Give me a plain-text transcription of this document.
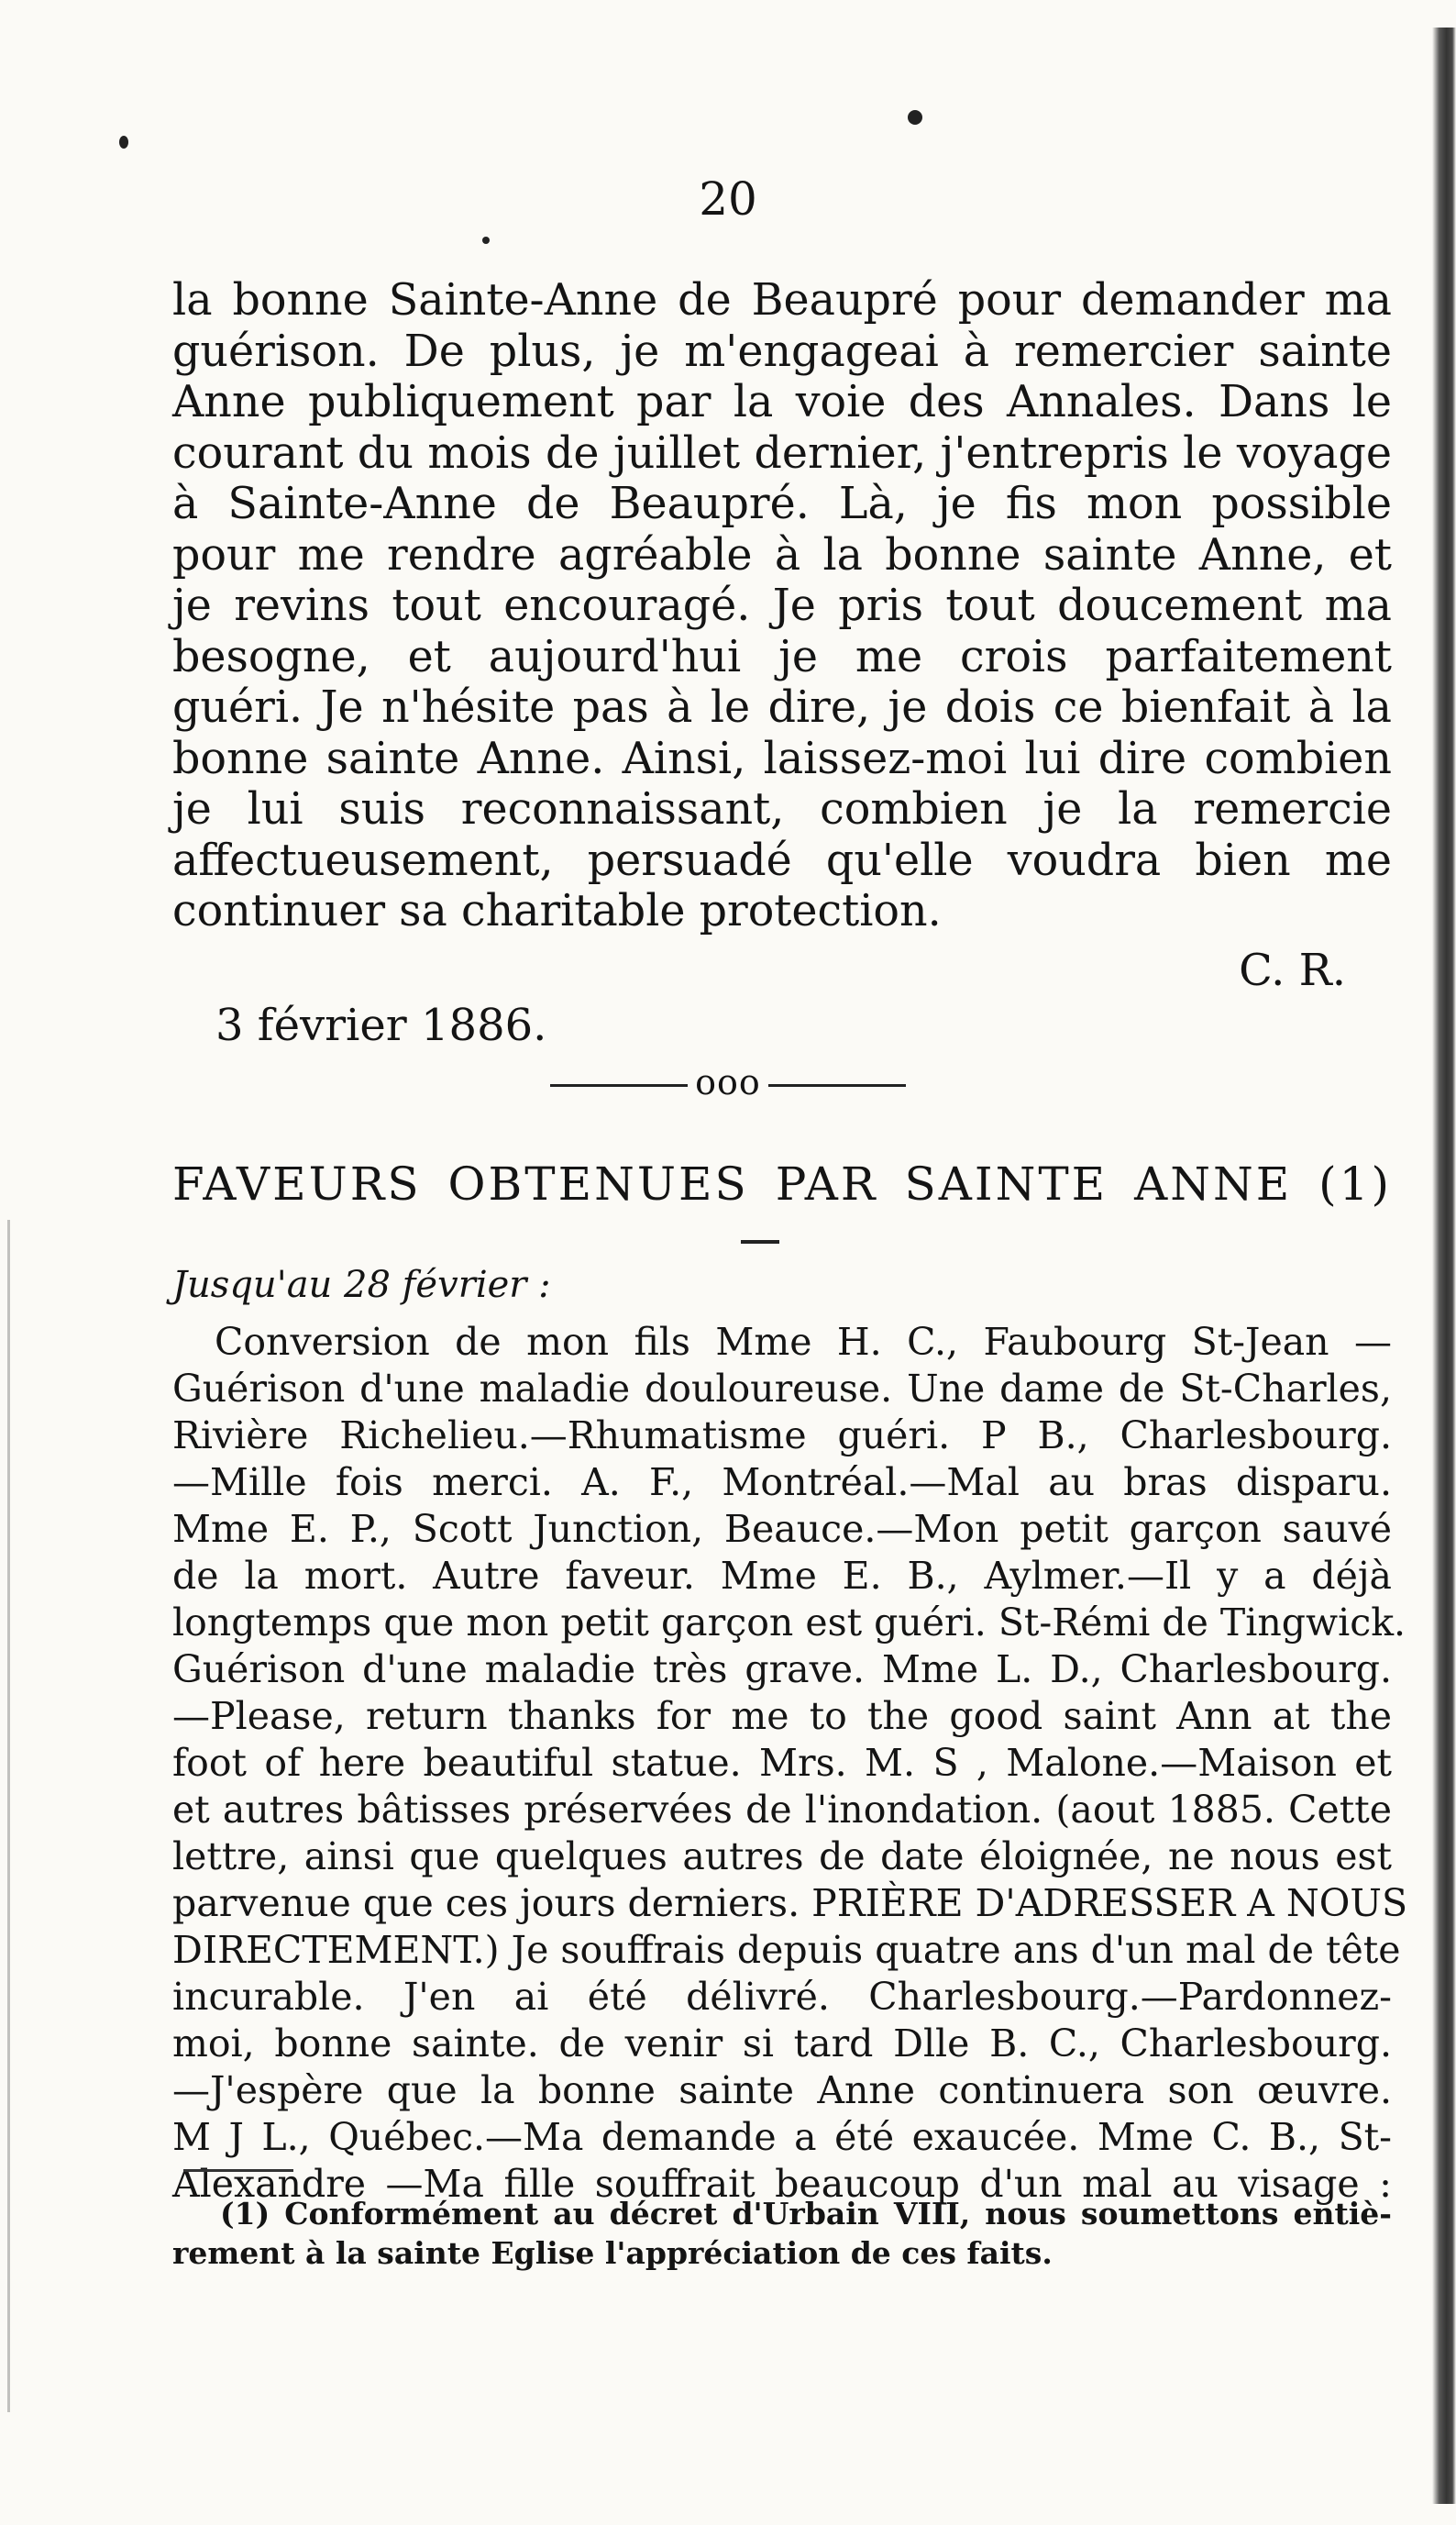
20
la bonne Sainte-Anne de Beaupré pour demander ma
guérison. De plus, je m'engageai à remercier sainte
Anne publiquement par la voie des Annales. Dans le
courant du mois de juillet dernier, j'entrepris le voyage
à Sainte-Anne de Beaupré. Là, je fis mon possible
pour me rendre agréable à la bonne sainte Anne, et
je revins tout encouragé. Je pris tout doucement ma
besogne, et aujourd'hui je me crois parfaitement
guéri. Je n'hésite pas à le dire, je dois ce bienfait à la
bonne sainte Anne. Ainsi, laissez-moi lui dire combien
je lui suis reconnaissant, combien je la remercie
affectueusement, persuadé qu'elle voudra bien me
continuer sa charitable protection.
C. R.
3 février 1886.
ooo
FAVEURS OBTENUES PAR SAINTE ANNE (1)
Jusqu'au 28 février :
Conversion de mon fils Mme H. C., Faubourg St-Jean —
Guérison d'une maladie douloureuse. Une dame de St-Charles,
Rivière Richelieu.—Rhumatisme guéri. P B., Charlesbourg.
—Mille fois merci. A. F., Montréal.—Mal au bras disparu.
Mme E. P., Scott Junction, Beauce.—Mon petit garçon sauvé
de la mort. Autre faveur. Mme E. B., Aylmer.—Il y a déjà
longtemps que mon petit garçon est guéri. St-Rémi de Tingwick.
Guérison d'une maladie très grave. Mme L. D., Charlesbourg.
—Please, return thanks for me to the good saint Ann at the
foot of here beautiful statue. Mrs. M. S , Malone.—Maison et
et autres bâtisses préservées de l'inondation. (aout 1885. Cette
lettre, ainsi que quelques autres de date éloignée, ne nous est
parvenue que ces jours derniers. PRIÈRE D'ADRESSER A NOUS
DIRECTEMENT.) Je souffrais depuis quatre ans d'un mal de tête
incurable. J'en ai été délivré. Charlesbourg.—Pardonnez-
moi, bonne sainte. de venir si tard Dlle B. C., Charlesbourg.
—J'espère que la bonne sainte Anne continuera son œuvre.
M J L., Québec.—Ma demande a été exaucée. Mme C. B., St-
Alexandre —Ma fille souffrait beaucoup d'un mal au visage :
(1) Conformément au décret d'Urbain VIII, nous soumettons entiè-
rement à la sainte Eglise l'appréciation de ces faits.
